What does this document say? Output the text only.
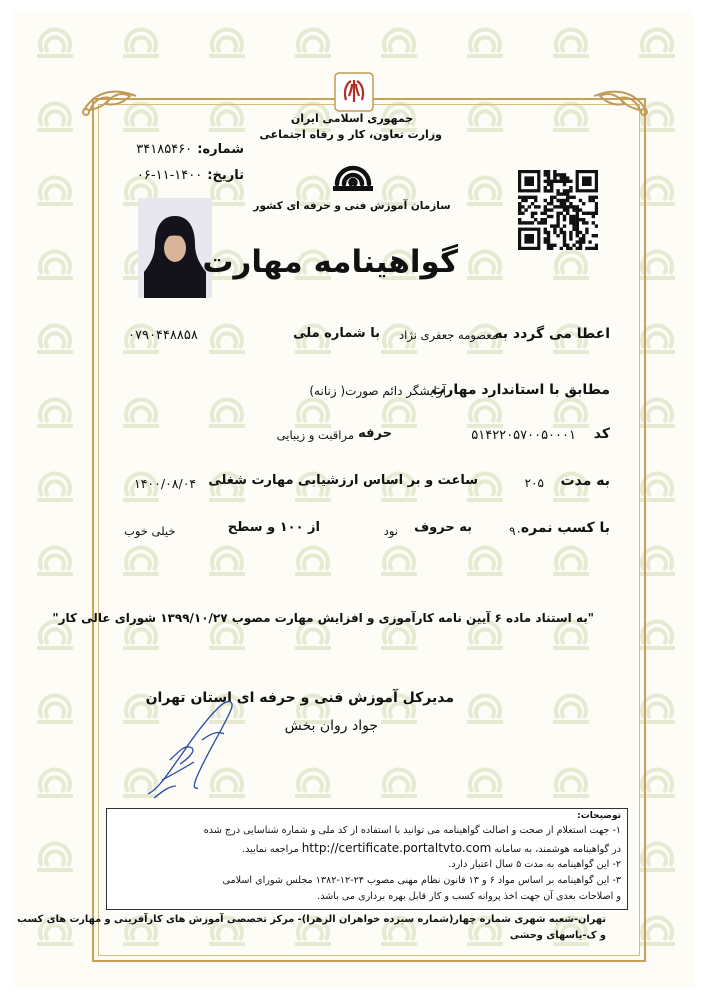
جمهوری اسلامی ایران
وزارت تعاون، کار و رفاه اجتماعی
سازمان آموزش فنی و حرفه ای کشور
شماره: ۳۴۱۸۵۴۶۰
تاریخ: ۱۴۰۰-۱۱-۰۶
گواهینامه مهارت
اعطا می گردد به
معصومه جعفری نژاد
با شماره ملی
۰۷۹۰۴۴۸۸۵۸
مطابق با استاندارد مهارت
آرایشگر دائم صورت( زنانه)
کد
۵۱۴۲۲۰۵۷۰۰۵۰۰۰۱
حرفه
مراقبت و زیبایی
به مدت
۲۰۵
ساعت و بر اساس ارزشیابی مهارت شغلی
۱۴۰۰/۰۸/۰۴
با کسب نمره
۹۰
به حروف
نود
از ۱۰۰ و سطح
خیلی خوب
"به استناد ماده ۶ آیین نامه کارآموزی و افزایش مهارت مصوب ۱۳۹۹/۱۰/۲۷ شورای عالی کار"
مدیرکل آموزش فنی و حرفه ای استان تهران
جواد روان بخش
توضیحات:
۱- جهت استعلام از صحت و اصالت گواهینامه می توانید با استفاده از کد ملی و شماره شناسایی درج شده
در گواهینامه هوشمند، به سامانه http://certificate.portaltvto.com مراجعه نمایید.
۲- این گواهینامه به مدت ۵ سال اعتبار دارد.
۳- این گواهینامه بر اساس مواد ۶ و ۱۳ قانون نظام مهنی مصوب ۲۴-۱۲-۱۳۸۲ مجلس شورای اسلامی
و اصلاحات بعدی آن جهت اخذ پروانه کسب و کار قابل بهره برداری می باشد.
تهران-شعبه شهری شماره چهار(شماره سیزده خواهران الزهرا)- مرکز تخصصی آموزش های کارآفرینی و مهارت های کسب
و ک-یاسهای وحشی
